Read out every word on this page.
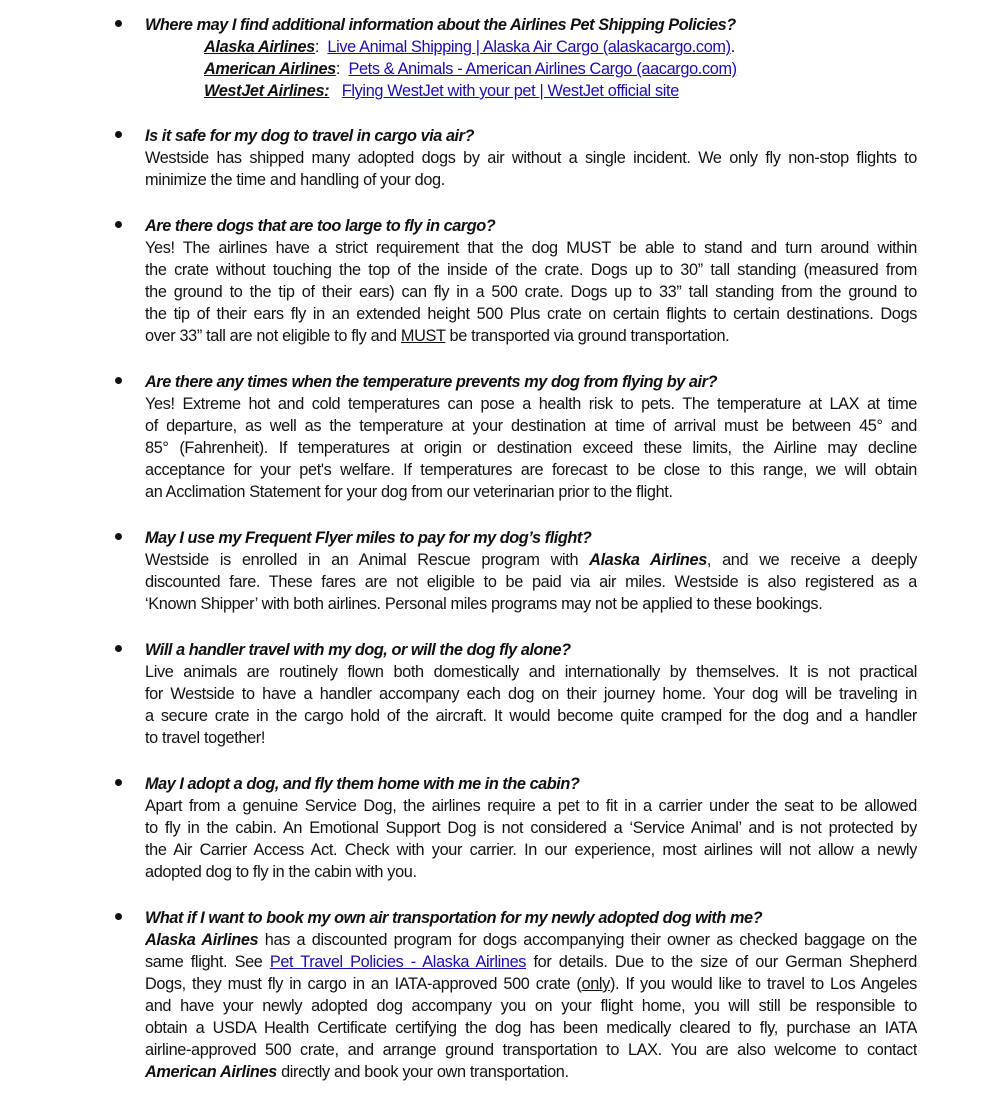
Where may I find additional information about the Airlines Pet Shipping Policies?
Alaska Airlines:  Live Animal Shipping | Alaska Air Cargo (alaskacargo.com).
American Airlines:  Pets & Animals - American Airlines Cargo (aacargo.com)
WestJet Airlines: Flying WestJet with your pet | WestJet official site
Is it safe for my dog to travel in cargo via air?
Westside has shipped many adopted dogs by air without a single incident. We only fly non-stop flights to
minimize the time and handling of your dog.
Are there dogs that are too large to fly in cargo?
Yes! The airlines have a strict requirement that the dog MUST be able to stand and turn around within
the crate without touching the top of the inside of the crate. Dogs up to 30” tall standing (measured from
the ground to the tip of their ears) can fly in a 500 crate. Dogs up to 33” tall standing from the ground to
the tip of their ears fly in an extended height 500 Plus crate on certain flights to certain destinations. Dogs
over 33” tall are not eligible to fly and MUST be transported via ground transportation.
Are there any times when the temperature prevents my dog from flying by air?
Yes! Extreme hot and cold temperatures can pose a health risk to pets. The temperature at LAX at time
of departure, as well as the temperature at your destination at time of arrival must be between 45° and
85° (Fahrenheit). If temperatures at origin or destination exceed these limits, the Airline may decline
acceptance for your pet's welfare. If temperatures are forecast to be close to this range, we will obtain
an Acclimation Statement for your dog from our veterinarian prior to the flight.
May I use my Frequent Flyer miles to pay for my dog’s flight?
Westside is enrolled in an Animal Rescue program with Alaska Airlines, and we receive a deeply
discounted fare. These fares are not eligible to be paid via air miles. Westside is also registered as a
‘Known Shipper’ with both airlines. Personal miles programs may not be applied to these bookings.
Will a handler travel with my dog, or will the dog fly alone?
Live animals are routinely flown both domestically and internationally by themselves. It is not practical
for Westside to have a handler accompany each dog on their journey home. Your dog will be traveling in
a secure crate in the cargo hold of the aircraft. It would become quite cramped for the dog and a handler
to travel together!
May I adopt a dog, and fly them home with me in the cabin?
Apart from a genuine Service Dog, the airlines require a pet to fit in a carrier under the seat to be allowed
to fly in the cabin. An Emotional Support Dog is not considered a ‘Service Animal’ and is not protected by
the Air Carrier Access Act. Check with your carrier. In our experience, most airlines will not allow a newly
adopted dog to fly in the cabin with you.
What if I want to book my own air transportation for my newly adopted dog with me?
Alaska Airlines has a discounted program for dogs accompanying their owner as checked baggage on the
same flight. See Pet Travel Policies - Alaska Airlines for details. Due to the size of our German Shepherd
Dogs, they must fly in cargo in an IATA-approved 500 crate (only). If you would like to travel to Los Angeles
and have your newly adopted dog accompany you on your flight home, you will still be responsible to
obtain a USDA Health Certificate certifying the dog has been medically cleared to fly, purchase an IATA
airline-approved 500 crate, and arrange ground transportation to LAX. You are also welcome to contact
American Airlines directly and book your own transportation.
